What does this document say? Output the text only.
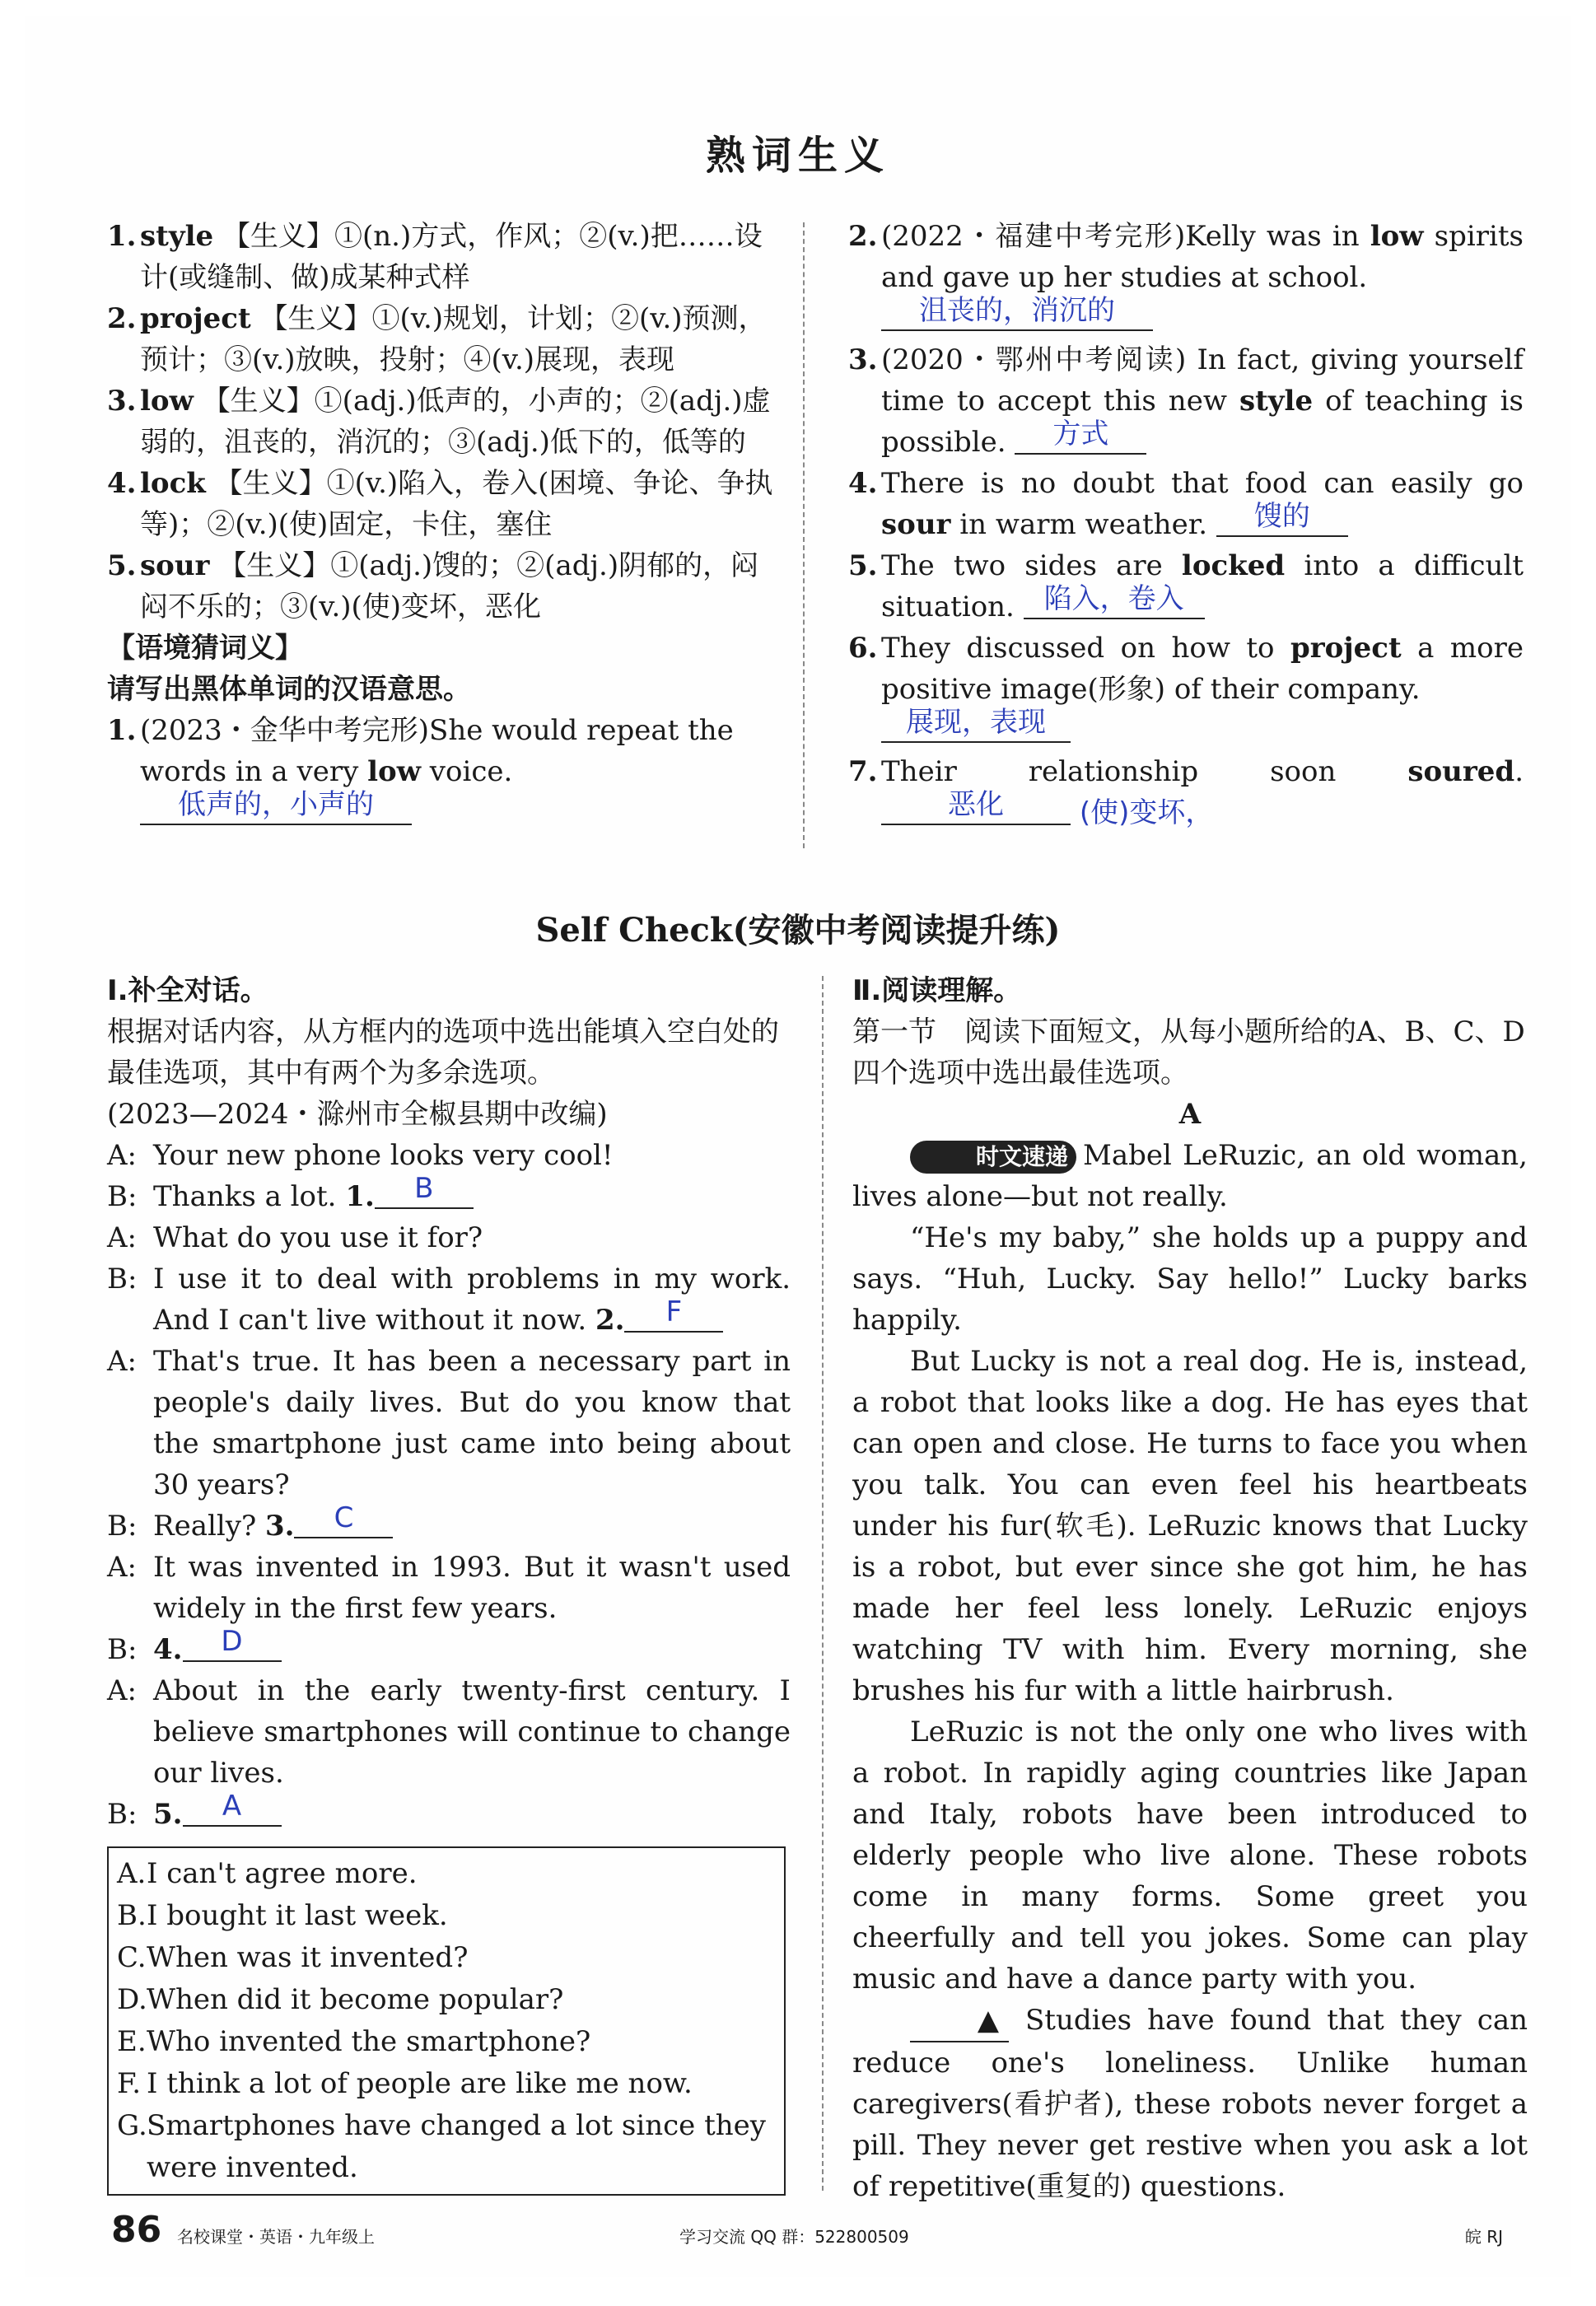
熟词生义

1. style 【生义】①(n.)方式，作风；②(v.)把……设计(或缝制、做)成某种式样

2. project 【生义】①(v.)规划，计划；②(v.)预测，预计；③(v.)放映，投射；④(v.)展现，表现

3. low 【生义】①(adj.)低声的，小声的；②(adj.)虚弱的，沮丧的，消沉的；③(adj.)低下的，低等的

4. lock 【生义】①(v.)陷入，卷入(困境、争论、争执等)；②(v.)(使)固定，卡住，塞住

5. sour 【生义】①(adj.)馊的；②(adj.)阴郁的，闷闷不乐的；③(v.)(使)变坏，恶化

【语境猜词义】

请写出黑体单词的汉语意思。

1. (2023・金华中考完形)She would repeat the words in a very low voice. 低声的，小声的

2. (2022・福建中考完形)Kelly was in low spirits and gave up her studies at school.
沮丧的，消沉的

3. (2020・鄂州中考阅读) In fact, giving yourself time to accept this new style of teaching is possible. 方式

4. There is no doubt that food can easily go sour in warm weather. 馊的

5. The two sides are locked into a difficult situation. 陷入，卷入

6. They discussed on how to project a more positive image(形象) of their company.
展现，表现

7. Their relationship soon soured. 恶化	(使)变坏，

Self Check(安徽中考阅读提升练)

Ⅰ.补全对话。

根据对话内容，从方框内的选项中选出能填入空白处的最佳选项，其中有两个为多余选项。

(2023—2024・滁州市全椒县期中改编)

A: Your new phone looks very cool!

B: Thanks a lot. 1. B

A: What do you use it for?

B: I use it to deal with problems in my work. And I can't live without it now. 2. F

A: That's true. It has been a necessary part in people's daily lives. But do you know that the smartphone just came into being about 30 years?

B: Really? 3. C

A: It was invented in 1993. But it wasn't used widely in the first few years.

B: 4. D

A: About in the early twenty-first century. I believe smartphones will continue to change our lives.

B: 5. A

A. I can't agree more.
B. I bought it last week.
C. When was it invented?
D. When did it become popular?
E. Who invented the smartphone?
F. I think a lot of people are like me now.
G. Smartphones have changed a lot since they were invented.

Ⅱ.阅读理解。

第一节　阅读下面短文，从每小题所给的A、B、C、D四个选项中选出最佳选项。

A

时文速递 Mabel LeRuzic, an old woman, lives alone—but not really.

“He's my baby,” she holds up a puppy and says. “Huh, Lucky. Say hello!” Lucky barks happily.

But Lucky is not a real dog. He is, instead, a robot that looks like a dog. He has eyes that can open and close. He turns to face you when you talk. You can even feel his heartbeats under his fur(软毛). LeRuzic knows that Lucky is a robot, but ever since she got him, he has made her feel less lonely. LeRuzic enjoys watching TV with him. Every morning, she brushes his fur with a little hairbrush.

LeRuzic is not the only one who lives with a robot. In rapidly aging countries like Japan and Italy, robots have been introduced to elderly people who live alone. These robots come in many forms. Some greet you cheerfully and tell you jokes. Some can play music and have a dance party with you.

▲ Studies have found that they can reduce one's loneliness. Unlike human caregivers(看护者), these robots never forget a pill. They never get restive when you ask a lot of repetitive(重复的) questions.

86 名校课堂・英语・九年级上	学习交流 QQ 群：522800509	皖 RJ
